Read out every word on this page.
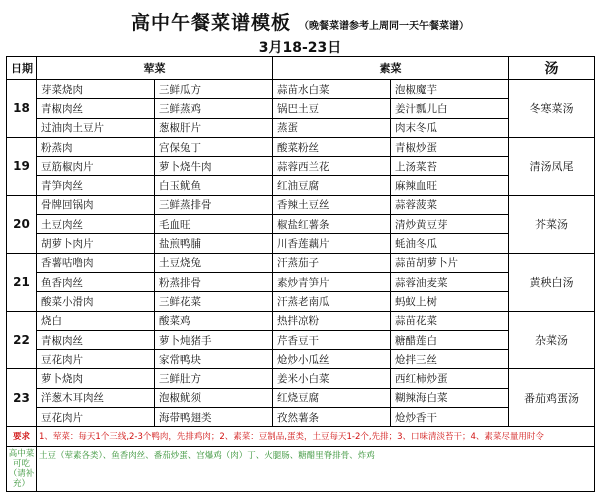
高中午餐菜谱模板 （晚餐菜谱参考上周同一天午餐菜谱）
3月18-23日
日期	荤菜		素菜		汤
18	芽菜烧肉	三鲜瓜方	蒜苗水白菜	泡椒魔芋	冬寒菜汤
	青椒肉丝	三鲜蒸鸡	锅巴土豆	姜汁瓢儿白	
	过油肉土豆片	葱椒肝片	蒸蛋	肉末冬瓜	
19	粉蒸肉	宫保兔丁	酸菜粉丝	青椒炒蛋	清汤凤尾
	豆筋椒肉片	萝卜烧牛肉	蒜蓉西兰花	上汤菜苔	
	青笋肉丝	白玉鱿鱼	红油豆腐	麻辣血旺	
20	骨牌回锅肉	三鲜蒸排骨	香辣土豆丝	蒜蓉菠菜	芥菜汤
	土豆肉丝	毛血旺	椒盐红薯条	清炒黄豆芽	
	胡萝卜肉片	盐煎鸭脯	川香莲藕片	蚝油冬瓜	
21	香薯咕噜肉	土豆烧兔	汗蒸茄子	蒜苗胡萝卜片	黄秧白汤
	鱼香肉丝	粉蒸排骨	素炒青笋片	蒜蓉油麦菜	
	酸菜小滑肉	三鲜花菜	汗蒸老南瓜	蚂蚁上树	
22	烧白	酸菜鸡	热拌凉粉	蒜苗花菜	杂菜汤
	青椒肉丝	萝卜炖猪手	芹香豆干	糖醋莲白	
	豆花肉片	家常鸭块	炝炒小瓜丝	炝拌三丝	
23	萝卜烧肉	三鲜肚方	姜米小白菜	西红柿炒蛋	番茄鸡蛋汤
	洋葱木耳肉丝	泡椒鱿须	红烧豆腐	糊辣海白菜	
	豆花肉片	海带鸭翅类	孜然薯条	炝炒香干	
要求	1、荤菜：每天1个三线,2-3个鸭肉，先排鸡肉；2、素菜：豆制品,蛋类，土豆每天1-2个,先排；3、口味清淡苔干；4、素菜尽量用时令				
高中菜可吃（请补充）	土豆（荤素各类）、鱼香肉丝、番茄炒蛋、宫爆鸡（肉）丁、火腿肠、糖醋里脊排骨、炸鸡				
